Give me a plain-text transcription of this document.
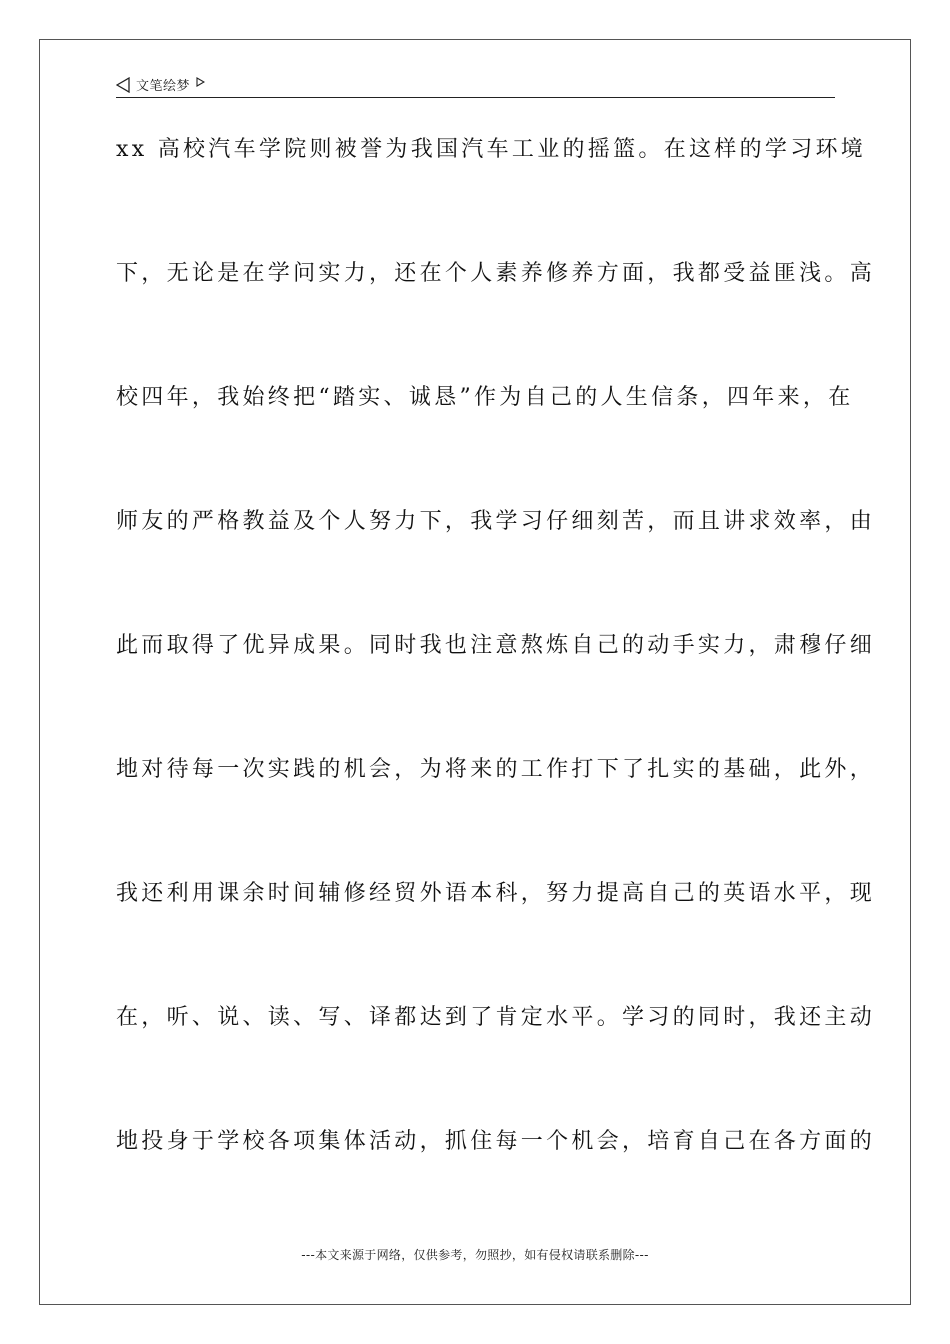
文笔绘梦
xx 高校汽车学院则被誉为我国汽车工业的摇篮。在这样的学习环境
下，无论是在学问实力，还在个人素养修养方面，我都受益匪浅。高
校四年，我始终把“踏实、诚恳”作为自己的人生信条，四年来，在
师友的严格教益及个人努力下，我学习仔细刻苦，而且讲求效率，由
此而取得了优异成果。同时我也注意熬炼自己的动手实力，肃穆仔细
地对待每一次实践的机会，为将来的工作打下了扎实的基础，此外，
我还利用课余时间辅修经贸外语本科，努力提高自己的英语水平，现
在，听、说、读、写、译都达到了肯定水平。学习的同时，我还主动
地投身于学校各项集体活动，抓住每一个机会，培育自己在各方面的
---本文来源于网络，仅供参考，勿照抄，如有侵权请联系删除---
